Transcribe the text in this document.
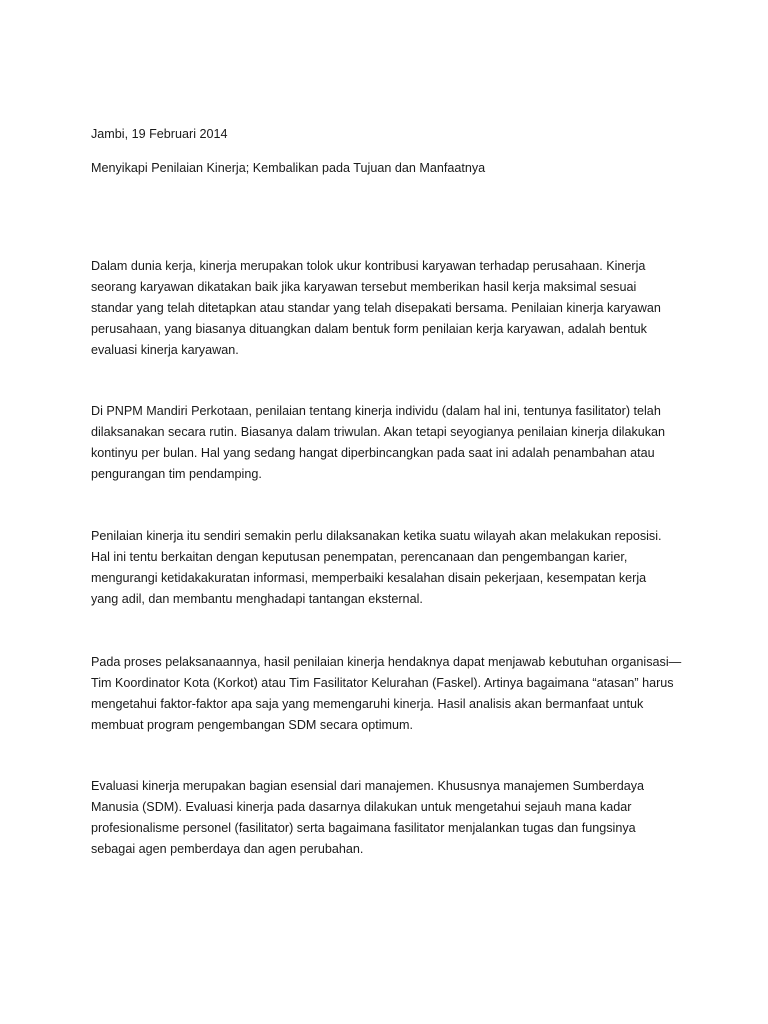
Jambi, 19 Februari 2014

Menyikapi Penilaian Kinerja; Kembalikan pada Tujuan dan Manfaatnya

Dalam dunia kerja, kinerja merupakan tolok ukur kontribusi karyawan terhadap perusahaan. Kinerja
seorang karyawan dikatakan baik jika karyawan tersebut memberikan hasil kerja maksimal sesuai
standar yang telah ditetapkan atau standar yang telah disepakati bersama. Penilaian kinerja karyawan
perusahaan, yang biasanya dituangkan dalam bentuk form penilaian kerja karyawan, adalah bentuk
evaluasi kinerja karyawan.

Di PNPM Mandiri Perkotaan, penilaian tentang kinerja individu (dalam hal ini, tentunya fasilitator) telah
dilaksanakan secara rutin. Biasanya dalam triwulan. Akan tetapi seyogianya penilaian kinerja dilakukan
kontinyu per bulan. Hal yang sedang hangat diperbincangkan pada saat ini adalah penambahan atau
pengurangan tim pendamping.

Penilaian kinerja itu sendiri semakin perlu dilaksanakan ketika suatu wilayah akan melakukan reposisi.
Hal ini tentu berkaitan dengan keputusan penempatan, perencanaan dan pengembangan karier,
mengurangi ketidakakuratan informasi, memperbaiki kesalahan disain pekerjaan, kesempatan kerja
yang adil, dan membantu menghadapi tantangan eksternal.

Pada proses pelaksanaannya, hasil penilaian kinerja hendaknya dapat menjawab kebutuhan organisasi—
Tim Koordinator Kota (Korkot) atau Tim Fasilitator Kelurahan (Faskel). Artinya bagaimana “atasan” harus
mengetahui faktor-faktor apa saja yang memengaruhi kinerja. Hasil analisis akan bermanfaat untuk
membuat program pengembangan SDM secara optimum.

Evaluasi kinerja merupakan bagian esensial dari manajemen. Khususnya manajemen Sumberdaya
Manusia (SDM). Evaluasi kinerja pada dasarnya dilakukan untuk mengetahui sejauh mana kadar
profesionalisme personel (fasilitator) serta bagaimana fasilitator menjalankan tugas dan fungsinya
sebagai agen pemberdaya dan agen perubahan.
